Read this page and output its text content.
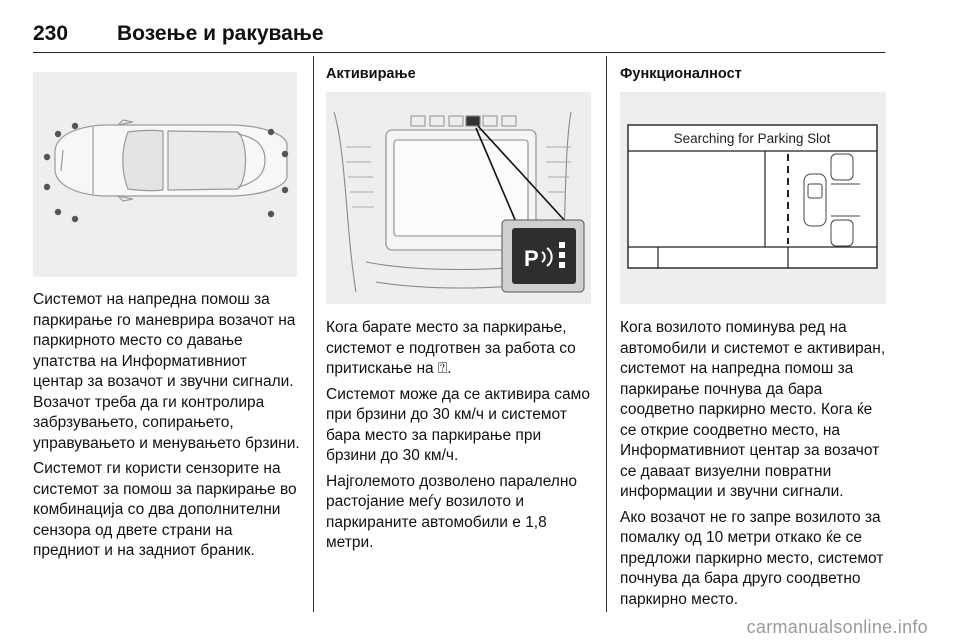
230 Возење и ракување

Системот на напредна помош за паркирање го маневрира возачот на паркирното место со давање упатства на Информативниот центар за возачот и звучни сигнали. Возачот треба да ги контролира забрзувањето, сопирањето, управувањето и менувањето брзини.

Системот ги користи сензорите на системот за помош за паркирање во комбинација со два дополнителни сензора од двете страни на предниот и на задниот браник.

Активирање
P

Кога барате место за паркирање, системот е подготвен за работа со притискање на ⍰.

Системот може да се активира само при брзини до 30 км/ч и системот бара место за паркирање при брзини до 30 км/ч.

Најголемото дозволено паралелно растојание меѓу возилото и паркираните автомобили е 1,8 метри.

Функционалност
Searching for Parking Slot

Кога возилото поминува ред на автомобили и системот е активиран, системот на напредна помош за паркирање почнува да бара соодветно паркирно место. Кога ќе се открие соодветно место, на Информативниот центар за возачот се даваат визуелни повратни информации и звучни сигнали.

Ако возачот не го запре возилото за помалку од 10 метри откако ќе се предложи паркирно место, системот почнува да бара друго соодветно паркирно место.

carmanualsonline.info
